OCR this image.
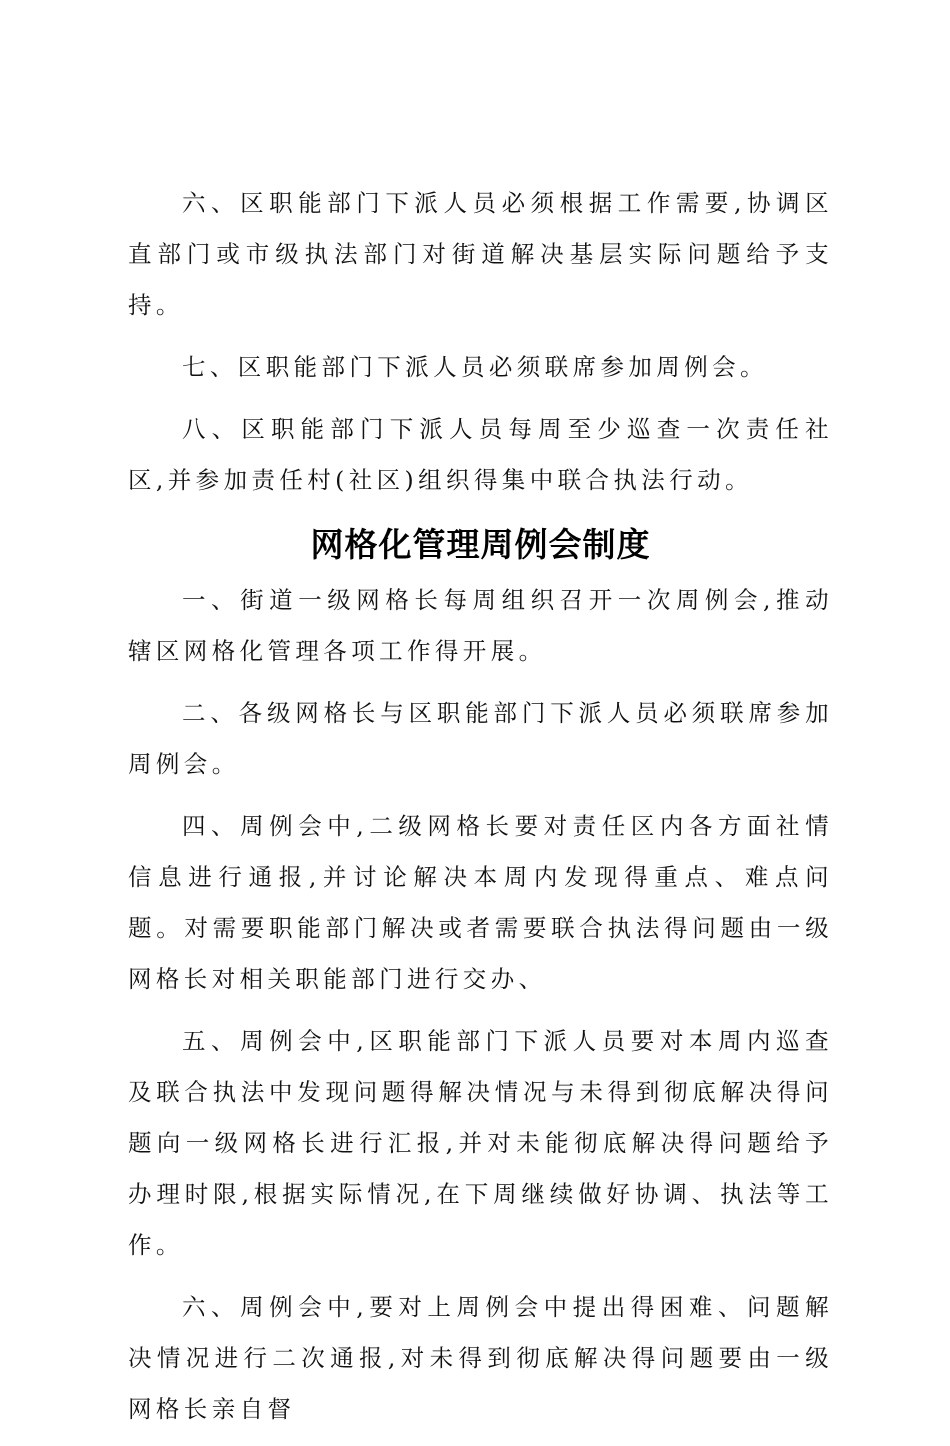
六、区职能部门下派人员必须根据工作需要,协调区直部门或市级执法部门对街道解决基层实际问题给予支持。

七、区职能部门下派人员必须联席参加周例会。

八、区职能部门下派人员每周至少巡查一次责任社区,并参加责任村(社区)组织得集中联合执法行动。

网格化管理周例会制度

一、街道一级网格长每周组织召开一次周例会,推动辖区网格化管理各项工作得开展。

二、各级网格长与区职能部门下派人员必须联席参加周例会。

四、周例会中,二级网格长要对责任区内各方面社情信息进行通报,并讨论解决本周内发现得重点、难点问题。对需要职能部门解决或者需要联合执法得问题由一级网格长对相关职能部门进行交办、

五、周例会中,区职能部门下派人员要对本周内巡查及联合执法中发现问题得解决情况与未得到彻底解决得问题向一级网格长进行汇报,并对未能彻底解决得问题给予办理时限,根据实际情况,在下周继续做好协调、执法等工作。

六、周例会中,要对上周例会中提出得困难、问题解决情况进行二次通报,对未得到彻底解决得问题要由一级网格长亲自督
